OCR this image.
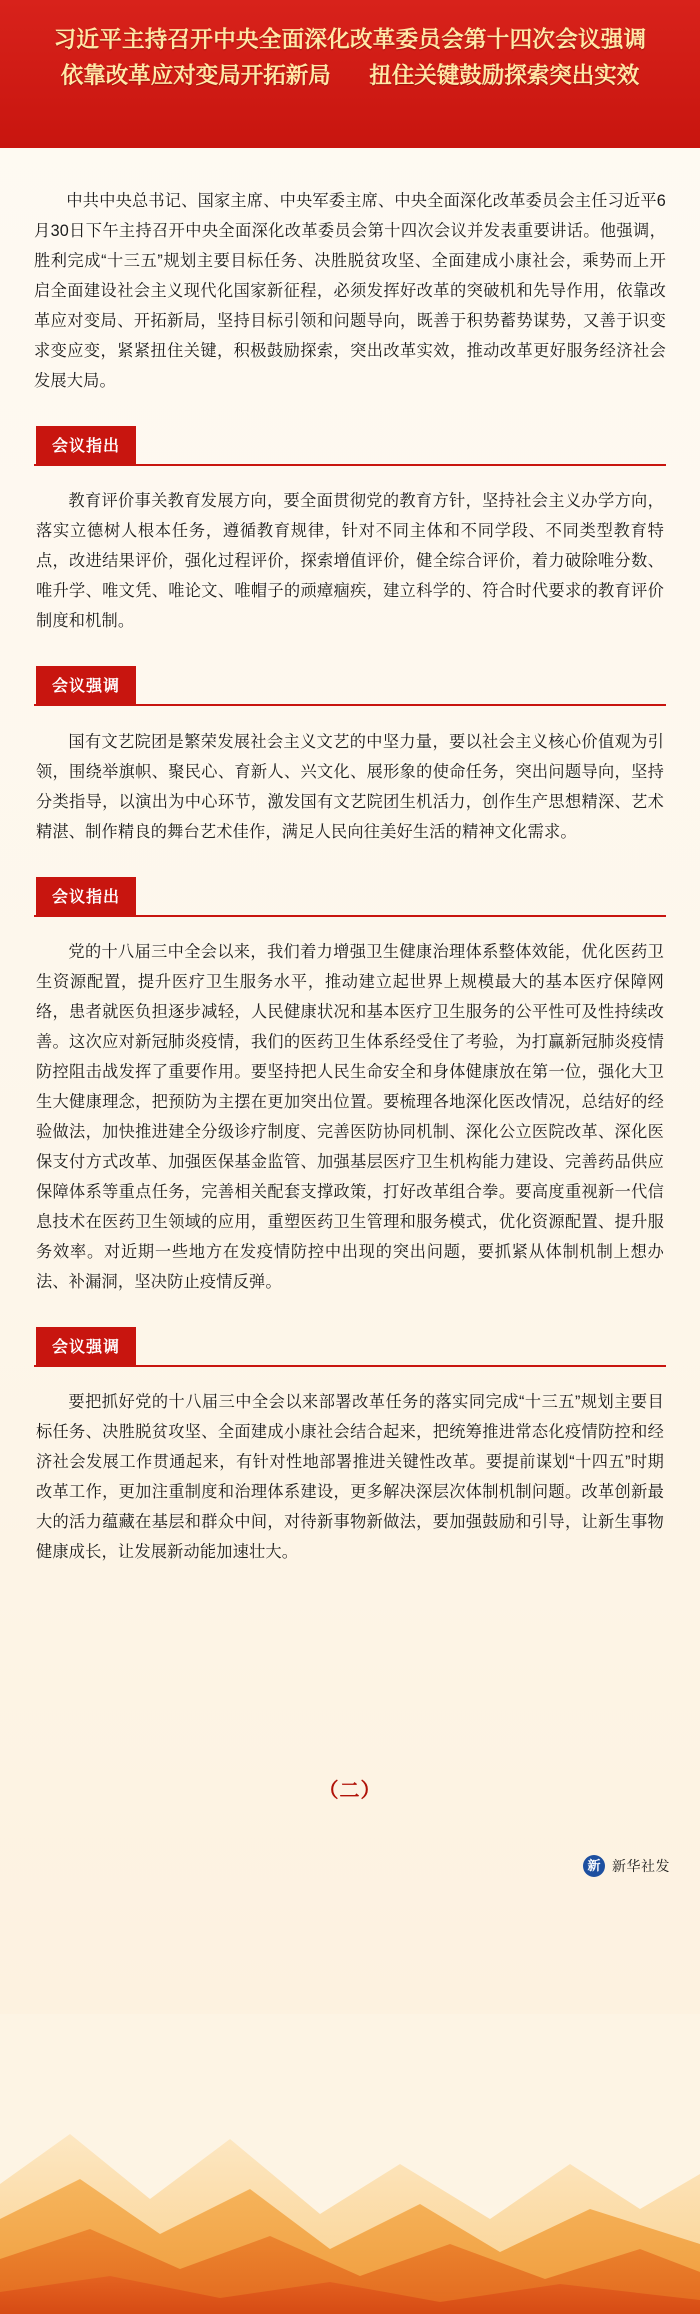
习近平主持召开中央全面深化改革委员会第十四次会议强调
依靠改革应对变局开拓新局 扭住关键鼓励探索突出实效

中共中央总书记、国家主席、中央军委主席、中央全面深化改革委员会主任习近平6月30日下午主持召开中央全面深化改革委员会第十四次会议并发表重要讲话。他强调，胜利完成“十三五”规划主要目标任务、决胜脱贫攻坚、全面建成小康社会，乘势而上开启全面建设社会主义现代化国家新征程，必须发挥好改革的突破机和先导作用，依靠改革应对变局、开拓新局，坚持目标引领和问题导向，既善于积势蓄势谋势，又善于识变求变应变，紧紧扭住关键，积极鼓励探索，突出改革实效，推动改革更好服务经济社会发展大局。

会议指出

教育评价事关教育发展方向，要全面贯彻党的教育方针，坚持社会主义办学方向，落实立德树人根本任务，遵循教育规律，针对不同主体和不同学段、不同类型教育特点，改进结果评价，强化过程评价，探索增值评价，健全综合评价，着力破除唯分数、唯升学、唯文凭、唯论文、唯帽子的顽瘴痼疾，建立科学的、符合时代要求的教育评价制度和机制。

会议强调

国有文艺院团是繁荣发展社会主义文艺的中坚力量，要以社会主义核心价值观为引领，围绕举旗帜、聚民心、育新人、兴文化、展形象的使命任务，突出问题导向，坚持分类指导，以演出为中心环节，激发国有文艺院团生机活力，创作生产思想精深、艺术精湛、制作精良的舞台艺术佳作，满足人民向往美好生活的精神文化需求。

会议指出

党的十八届三中全会以来，我们着力增强卫生健康治理体系整体效能，优化医药卫生资源配置，提升医疗卫生服务水平，推动建立起世界上规模最大的基本医疗保障网络，患者就医负担逐步减轻，人民健康状况和基本医疗卫生服务的公平性可及性持续改善。这次应对新冠肺炎疫情，我们的医药卫生体系经受住了考验，为打赢新冠肺炎疫情防控阻击战发挥了重要作用。要坚持把人民生命安全和身体健康放在第一位，强化大卫生大健康理念，把预防为主摆在更加突出位置。要梳理各地深化医改情况，总结好的经验做法，加快推进建全分级诊疗制度、完善医防协同机制、深化公立医院改革、深化医保支付方式改革、加强医保基金监管、加强基层医疗卫生机构能力建设、完善药品供应保障体系等重点任务，完善相关配套支撑政策，打好改革组合拳。要高度重视新一代信息技术在医药卫生领域的应用，重塑医药卫生管理和服务模式，优化资源配置、提升服务效率。对近期一些地方在发疫情防控中出现的突出问题，要抓紧从体制机制上想办法、补漏洞，坚决防止疫情反弹。

会议强调

要把抓好党的十八届三中全会以来部署改革任务的落实同完成“十三五”规划主要目标任务、决胜脱贫攻坚、全面建成小康社会结合起来，把统筹推进常态化疫情防控和经济社会发展工作贯通起来，有针对性地部署推进关键性改革。要提前谋划“十四五”时期改革工作，更加注重制度和治理体系建设，更多解决深层次体制机制问题。改革创新最大的活力蕴藏在基层和群众中间，对待新事物新做法，要加强鼓励和引导，让新生事物健康成长，让发展新动能加速壮大。

（二）
新 新华社发
